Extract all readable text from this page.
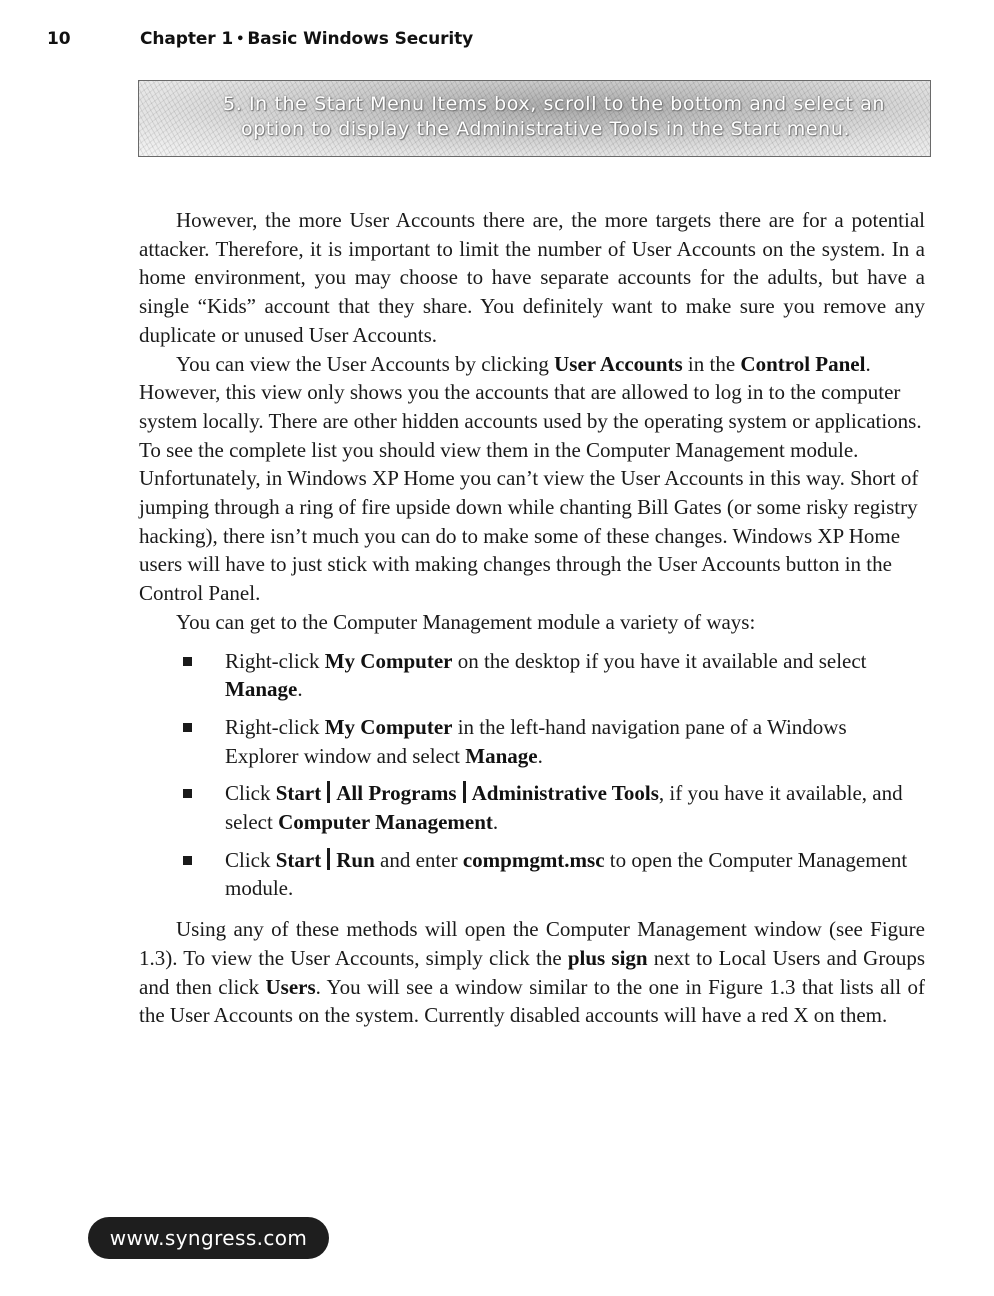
10	Chapter 1 • Basic Windows Security
5. In the Start Menu Items box, scroll to the bottom and select an
option to display the Administrative Tools in the Start menu.

However, the more User Accounts there are, the more targets there are for a potential attacker. Therefore, it is important to limit the number of User Accounts on the system. In a home environment, you may choose to have separate accounts for the adults, but have a single “Kids” account that they share. You definitely want to make sure you remove any duplicate or unused User Accounts.

You can view the User Accounts by clicking User Accounts in the Control Panel. However, this view only shows you the accounts that are allowed to log in to the computer system locally. There are other hidden accounts used by the operating system or applications. To see the complete list you should view them in the Computer Management module. Unfortunately, in Windows XP Home you can’t view the User Accounts in this way. Short of jumping through a ring of fire upside down while chanting Bill Gates (or some risky registry hacking), there isn’t much you can do to make some of these changes. Windows XP Home users will have to just stick with making changes through the User Accounts button in the Control Panel.

You can get to the Computer Management module a variety of ways:

Right-click My Computer on the desktop if you have it available and select Manage.
Right-click My Computer in the left-hand navigation pane of a Windows Explorer window and select Manage.
Click Start All Programs Administrative Tools, if you have it available, and select Computer Management.
Click Start Run and enter compmgmt.msc to open the Computer Management module.

Using any of these methods will open the Computer Management window (see Figure 1.3). To view the User Accounts, simply click the plus sign next to Local Users and Groups and then click Users. You will see a window similar to the one in Figure 1.3 that lists all of the User Accounts on the system. Currently disabled accounts will have a red X on them.

www.syngress.com
